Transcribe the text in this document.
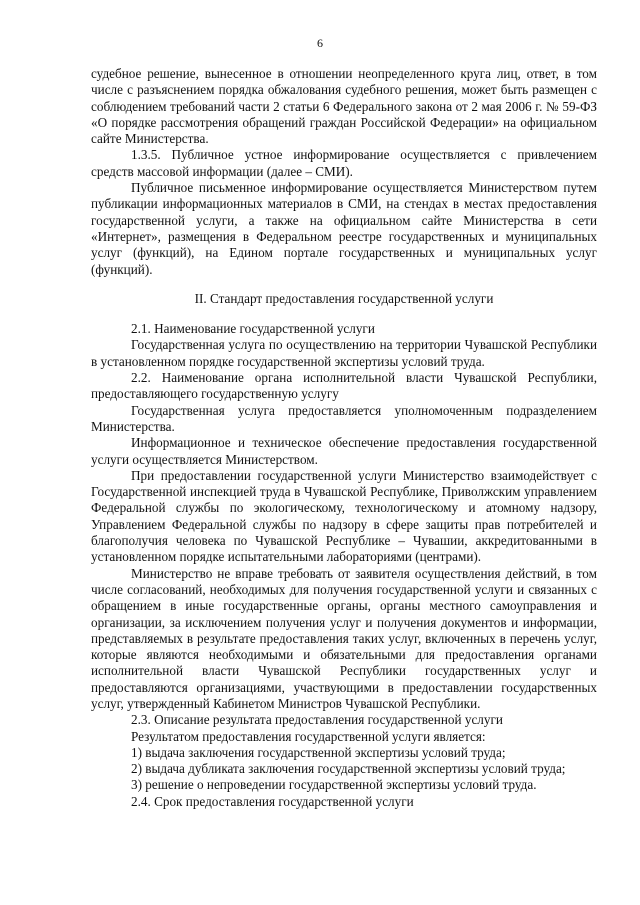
6

судебное решение, вынесенное в отношении неопределенного круга лиц, ответ, в том числе с разъяснением порядка обжалования судебного решения, может быть размещен с соблюдением требований части 2 статьи 6 Федерального закона от 2 мая 2006 г. № 59-ФЗ «О порядке рассмотрения обращений граждан Российской Федерации» на официальном сайте Министерства.

1.3.5. Публичное устное информирование осуществляется с привлечением средств массовой информации (далее – СМИ).

Публичное письменное информирование осуществляется Министерством путем публикации информационных материалов в СМИ, на стендах в местах предоставления государственной услуги, а также на официальном сайте Министерства в сети «Интернет», размещения в Федеральном реестре государственных и муниципальных услуг (функций), на Едином портале государственных и муниципальных услуг (функций).

II. Стандарт предоставления государственной услуги

2.1. Наименование государственной услуги

Государственная услуга по осуществлению на территории Чувашской Республики в установленном порядке государственной экспертизы условий труда.

2.2. Наименование органа исполнительной власти Чувашской Республики, предоставляющего государственную услугу

Государственная услуга предоставляется уполномоченным подразделением Министерства.

Информационное и техническое обеспечение предоставления государственной услуги осуществляется Министерством.

При предоставлении государственной услуги Министерство взаимодействует с Государственной инспекцией труда в Чувашской Республике, Приволжским управлением Федеральной службы по экологическому, технологическому и атомному надзору, Управлением Федеральной службы по надзору в сфере защиты прав потребителей и благополучия человека по Чувашской Республике – Чувашии, аккредитованными в установленном порядке испытательными лабораториями (центрами).

Министерство не вправе требовать от заявителя осуществления действий, в том числе согласований, необходимых для получения государственной услуги и связанных с обращением в иные государственные органы, органы местного самоуправления и организации, за исключением получения услуг и получения документов и информации, представляемых в результате предоставления таких услуг, включенных в перечень услуг, которые являются необходимыми и обязательными для предоставления органами исполнительной власти Чувашской Республики государственных услуг и предоставляются организациями, участвующими в предоставлении государственных услуг, утвержденный Кабинетом Министров Чувашской Республики.

2.3. Описание результата предоставления государственной услуги

Результатом предоставления государственной услуги является:

1) выдача заключения государственной экспертизы условий труда;

2) выдача дубликата заключения государственной экспертизы условий труда;

3) решение о непроведении государственной экспертизы условий труда.

2.4. Срок предоставления государственной услуги
